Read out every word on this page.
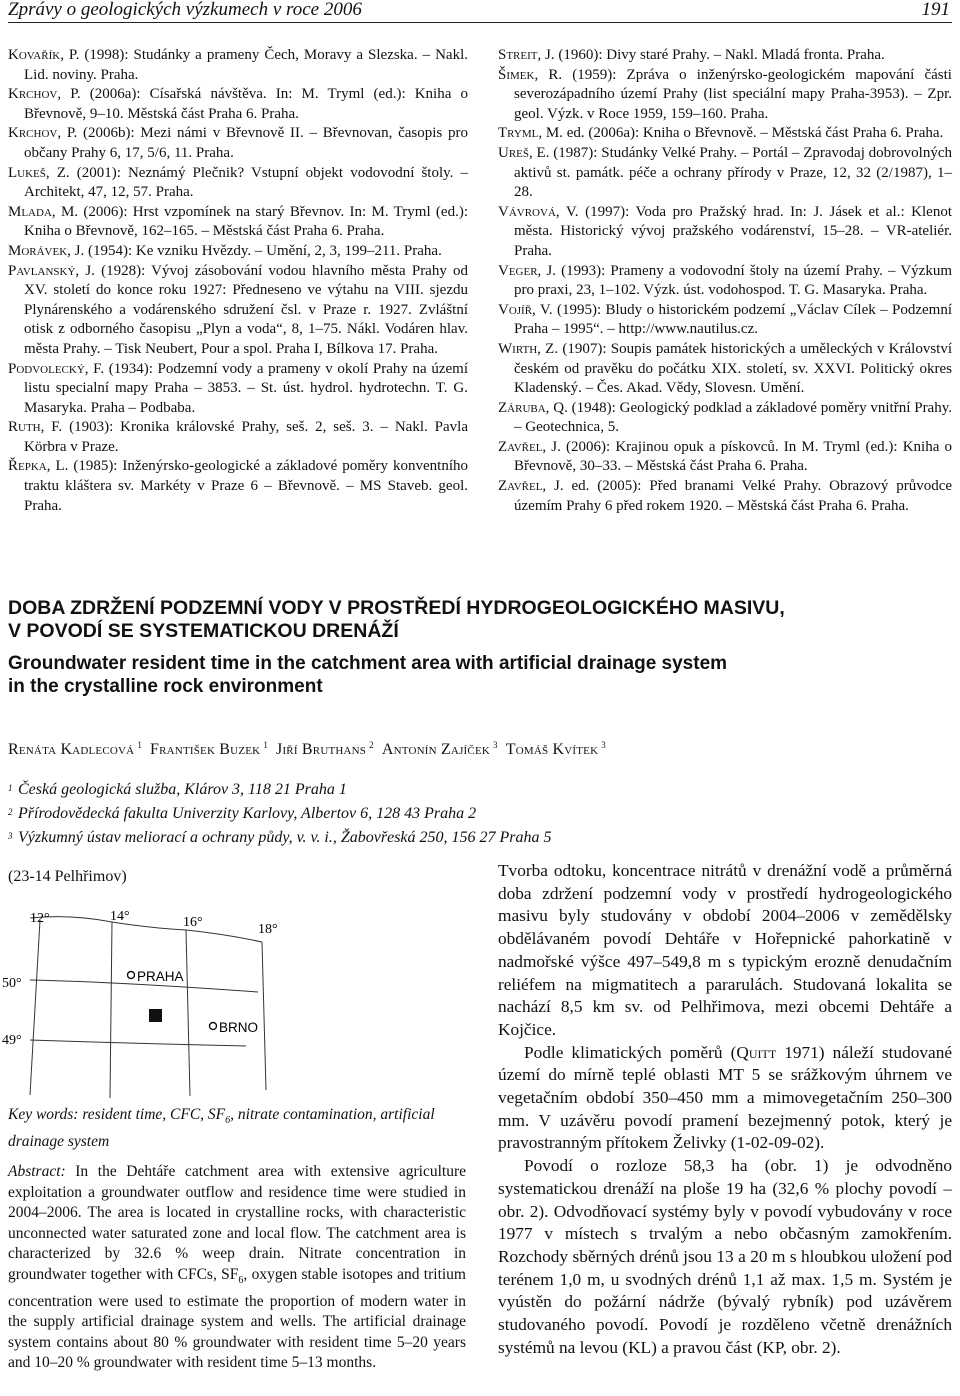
Zprávy o geologických výzkumech v roce 2006	191

Kovařík, P. (1998): Studánky a prameny Čech, Moravy a Slezska. – Nakl. Lid. noviny. Praha.

Krchov, P. (2006a): Císařská návštěva. In: M. Tryml (ed.): Kniha o Břevnově, 9–10. Městská část Praha 6. Praha.

Krchov, P. (2006b): Mezi námi v Břevnově II. – Břevnovan, časopis pro občany Prahy 6, 17, 5/6, 11. Praha.

Lukeš, Z. (2001): Neznámý Plečnik? Vstupní objekt vodovodní štoly. – Architekt, 47, 12, 57. Praha.

Mlada, M. (2006): Hrst vzpomínek na starý Břevnov. In: M. Tryml (ed.): Kniha o Břevnově, 162–165. – Městská část Praha 6. Praha.

Morávek, J. (1954): Ke vzniku Hvězdy. – Umění, 2, 3, 199–211. Praha.

Pavlanský, J. (1928): Vývoj zásobování vodou hlavního města Prahy od XV. století do konce roku 1927: Předneseno ve výtahu na VIII. sjezdu Plynárenského a vodárenského sdružení čsl. v Praze r. 1927. Zvláštní otisk z odborného časopisu „Plyn a voda“, 8, 1–75. Nákl. Vodáren hlav. města Prahy. – Tisk Neubert, Pour a spol. Praha I, Bílkova 17. Praha.

Podvolecký, F. (1934): Podzemní vody a prameny v okolí Prahy na území listu specialní mapy Praha – 3853. – St. úst. hydrol. hydrotechn. T. G. Masaryka. Praha – Podbaba.

Ruth, F. (1903): Kronika královské Prahy, seš. 2, seš. 3. – Nakl. Pavla Körbra v Praze.

Řepka, L. (1985): Inženýrsko-geologické a základové poměry konventního traktu kláštera sv. Markéty v Praze 6 – Břevnově. – MS Staveb. geol. Praha.

Streit, J. (1960): Divy staré Prahy. – Nakl. Mladá fronta. Praha.

Šimek, R. (1959): Zpráva o inženýrsko-geologickém mapování části severozápadního území Prahy (list speciální mapy Praha-3953). – Zpr. geol. Výzk. v Roce 1959, 159–160. Praha.

Tryml, M. ed. (2006a): Kniha o Břevnově. – Městská část Praha 6. Praha.

Ureš, E. (1987): Studánky Velké Prahy. – Portál – Zpravodaj dobrovolných aktivů st. památk. péče a ochrany přírody v Praze, 12, 32 (2/1987), 1–28.

Vávrová, V. (1997): Voda pro Pražský hrad. In: J. Jásek et al.: Klenot města. Historický vývoj pražského vodárenství, 15–28. – VR-ateliér. Praha.

Veger, J. (1993): Prameny a vodovodní štoly na území Prahy. – Výzkum pro praxi, 23, 1–102. Výzk. úst. vodohospod. T. G. Masaryka. Praha.

Vojíř, V. (1995): Bludy o historickém podzemí „Václav Cílek – Podzemní Praha – 1995“. – http://www.nautilus.cz.

Wirth, Z. (1907): Soupis památek historických a uměleckých v Království českém od pravěku do počátku XIX. století, sv. XXVI. Politický okres Kladenský. – Čes. Akad. Vědy, Slovesn. Umění.

Záruba, Q. (1948): Geologický podklad a základové poměry vnitřní Prahy. – Geotechnica, 5.

Zavřel, J. (2006): Krajinou opuk a pískovců. In M. Tryml (ed.): Kniha o Břevnově, 30–33. – Městská část Praha 6. Praha.

Zavřel, J. ed. (2005): Před branami Velké Prahy. Obrazový průvodce územím Prahy 6 před rokem 1920. – Městská část Praha 6. Praha.

DOBA ZDRŽENÍ PODZEMNÍ VODY V PROSTŘEDÍ HYDROGEOLOGICKÉHO MASIVU,
V POVODÍ SE SYSTEMATICKOU DRENÁŽÍ
Groundwater resident time in the catchment area with artificial drainage system
in the crystalline rock environment
Renáta Kadlecová $^1$ František Buzek $^1$ Jiří Bruthans $^2$ Antonín Zajíček $^3$ Tomáš Kvítek $^3$
1 Česká geologická služba, Klárov 3, 118 21 Praha 1
2 Přírodovědecká fakulta Univerzity Karlovy, Albertov 6, 128 43 Praha 2
3 Výzkumný ústav meliorací a ochrany půdy, v. v. i., Žabovřeská 250, 156 27 Praha 5
(23-14 Pelhřimov)
12°	14°	16°	18°
50°
49°
PRAHA
BRNO
Key words: resident time, CFC, $SF_6$, nitrate contamination, artificial drainage system
Abstract: In the Dehtáře catchment area with extensive agriculture exploitation a groundwater outflow and residence time were studied in 2004–2006. The area is located in crystalline rocks, with characteristic unconnected water saturated zone and local flow. The catchment area is characterized by 32.6 % weep drain. Nitrate concentration in groundwater together with CFCs, $SF_6$, oxygen stable isotopes and tritium concentration were used to estimate the proportion of modern water in the supply artificial drainage system and wells. The artificial drainage system contains about 80 % groundwater with resident time 5–20 years and 10–20 % groundwater with resident time 5–13 months.

Tvorba odtoku, koncentrace nitrátů v drenážní vodě a průměrná doba zdržení podzemní vody v prostředí hydrogeologického masivu byly studovány v období 2004–2006 v zemědělsky obdělávaném povodí Dehtáře v Hořepnické pahorkatině v nadmořské výšce 497–549,8 m s typickým erozně denudačním reliéfem na migmatitech a pararulách. Studovaná lokalita se nachází 8,5 km sv. od Pelhřimova, mezi obcemi Dehtáře a Kojčice.

Podle klimatických poměrů (Quitt 1971) náleží studované území do mírně teplé oblasti MT 5 se srážkovým úhrnem ve vegetačním období 350–450 mm a mimovegetačním 250–300 mm. V uzávěru povodí pramení bezejmenný potok, který je pravostranným přítokem Želivky (1-02-09-02).

Povodí o rozloze 58,3 ha (obr. 1) je odvodněno systematickou drenáží na ploše 19 ha (32,6 % plochy povodí – obr. 2). Odvodňovací systémy byly v povodí vybudovány v roce 1977 v místech s trvalým a nebo občasným zamokřením. Rozchody sběrných drénů jsou 13 a 20 m s hloubkou uložení pod terénem 1,0 m, u svodných drénů 1,1 až max. 1,5 m. Systém je vyústěn do požární nádrže (bývalý rybník) pod uzávěrem studovaného povodí. Povodí je rozděleno včetně drenážních systémů na levou (KL) a pravou část (KP, obr. 2).
